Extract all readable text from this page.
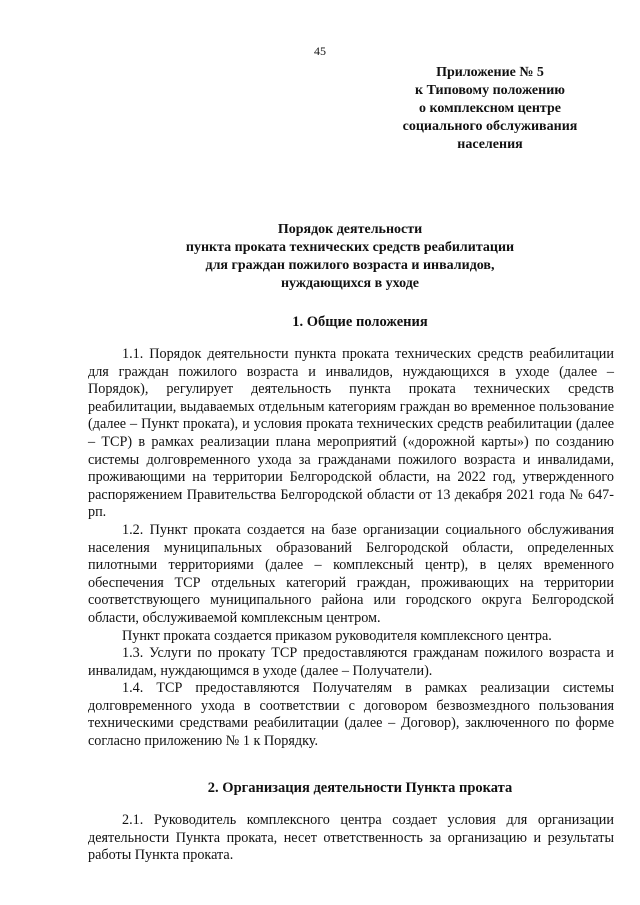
45
Приложение № 5
к Типовому положению
о комплексном центре
социального обслуживания
населения
Порядок деятельности
пункта проката технических средств реабилитации
для граждан пожилого возраста и инвалидов,
нуждающихся в уходе
1. Общие положения

1.1. Порядок деятельности пункта проката технических средств реабилитации для граждан пожилого возраста и инвалидов, нуждающихся в уходе (далее – Порядок), регулирует деятельность пункта проката технических средств реабилитации, выдаваемых отдельным категориям граждан во временное пользование (далее – Пункт проката), и условия проката технических средств реабилитации (далее – ТСР) в рамках реализации плана мероприятий («дорожной карты») по созданию системы долговременного ухода за гражданами пожилого возраста и инвалидами, проживающими на территории Белгородской области, на 2022 год, утвержденного распоряжением Правительства Белгородской области от 13 декабря 2021 года № 647-рп.

1.2. Пункт проката создается на базе организации социального обслуживания населения муниципальных образований Белгородской области, определенных пилотными территориями (далее – комплексный центр), в целях временного обеспечения ТСР отдельных категорий граждан, проживающих на территории соответствующего муниципального района или городского округа Белгородской области, обслуживаемой комплексным центром.

Пункт проката создается приказом руководителя комплексного центра.

1.3. Услуги по прокату ТСР предоставляются гражданам пожилого возраста и инвалидам, нуждающимся в уходе (далее – Получатели).

1.4. ТСР предоставляются Получателям в рамках реализации системы долговременного ухода в соответствии с договором безвозмездного пользования техническими средствами реабилитации (далее – Договор), заключенного по форме согласно приложению № 1 к Порядку.

2. Организация деятельности Пункта проката

2.1. Руководитель комплексного центра создает условия для организации деятельности Пункта проката, несет ответственность за организацию и результаты работы Пункта проката.
